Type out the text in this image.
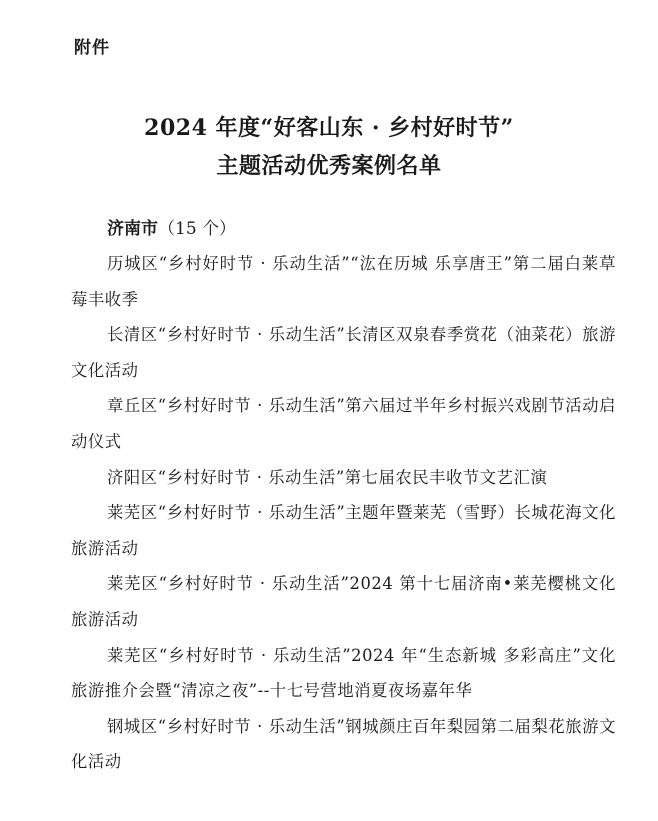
附件
2024 年度“好客山东 · 乡村好时节”
主题活动优秀案例名单
济南市（15 个）

历城区“乡村好时节 · 乐动生活”“汯在历城 乐享唐王”第二届白莱草莓丰收季

长清区“乡村好时节 · 乐动生活”长清区双泉春季赏花（油菜花）旅游文化活动

章丘区“乡村好时节 · 乐动生活”第六届过半年乡村振兴戏剧节活动启动仪式

济阳区“乡村好时节 · 乐动生活”第七届农民丰收节文艺汇演

莱芜区“乡村好时节 · 乐动生活”主题年暨莱芜（雪野）长城花海文化旅游活动

莱芜区“乡村好时节 · 乐动生活”2024 第十七届济南•莱芜樱桃文化旅游活动

莱芜区“乡村好时节 · 乐动生活”2024 年“生态新城 多彩高庄”文化旅游推介会暨“清凉之夜”--十七号营地消夏夜场嘉年华

钢城区“乡村好时节 · 乐动生活”钢城颜庄百年梨园第二届梨花旅游文化活动
